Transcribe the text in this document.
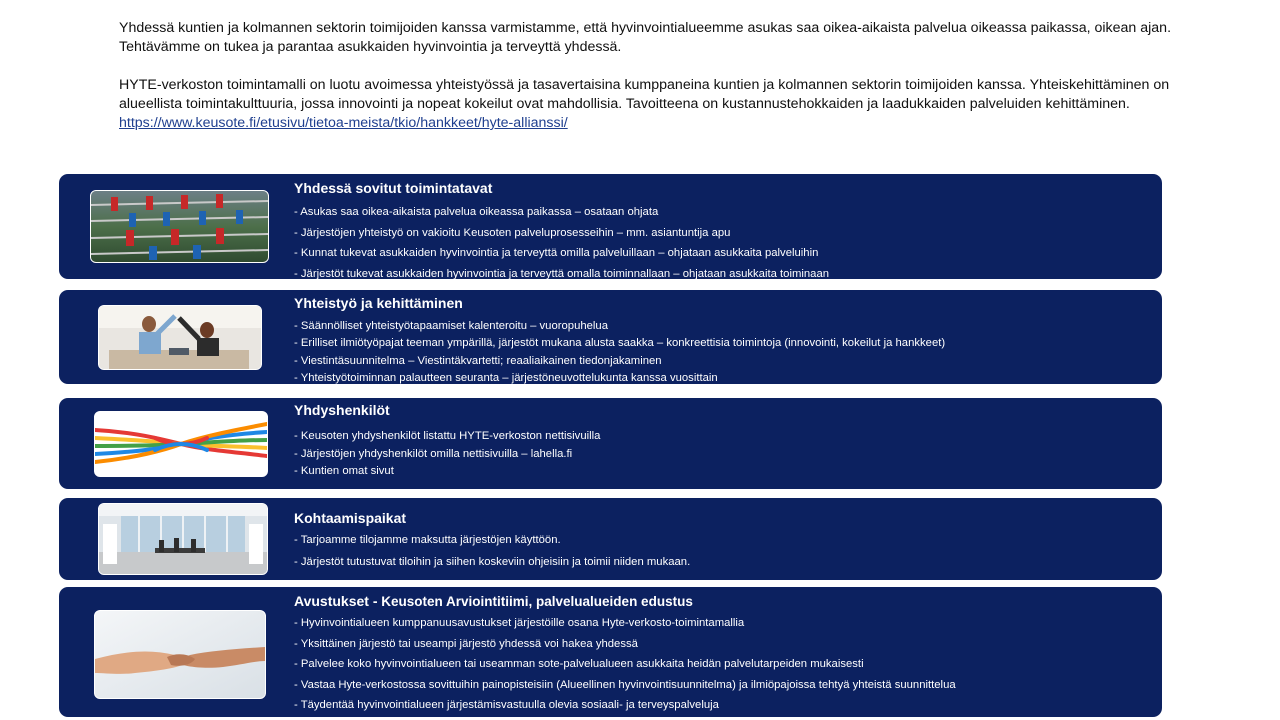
Yhdessä kuntien ja kolmannen sektorin toimijoiden kanssa varmistamme, että hyvinvointialueemme asukas saa oikea-aikaista palvelua oikeassa paikassa, oikean ajan. Tehtävämme on tukea ja parantaa asukkaiden hyvinvointia ja terveyttä yhdessä.

HYTE-verkoston toimintamalli on luotu avoimessa yhteistyössä ja tasavertaisina kumppaneina kuntien ja kolmannen sektorin toimijoiden kanssa. Yhteiskehittäminen on alueellista toimintakulttuuria, jossa innovointi ja nopeat kokeilut ovat mahdollisia. Tavoitteena on kustannustehokkaiden ja laadukkaiden palveluiden kehittäminen.
https://www.keusote.fi/etusivu/tietoa-meista/tkio/hankkeet/hyte-allianssi/

Yhdessä sovitut toimintatavat
- Asukas saa oikea-aikaista palvelua oikeassa paikassa – osataan ohjata
- Järjestöjen yhteistyö on vakioitu Keusoten palveluprosesseihin – mm. asiantuntija apu
- Kunnat tukevat asukkaiden hyvinvointia ja terveyttä omilla palveluillaan – ohjataan asukkaita palveluihin
- Järjestöt tukevat asukkaiden hyvinvointia ja terveyttä omalla toiminnallaan – ohjataan asukkaita toiminaan
Yhteistyö ja kehittäminen
- Säännölliset yhteistyötapaamiset kalenteroitu – vuoropuhelua
- Erilliset ilmiötyöpajat teeman ympärillä, järjestöt mukana alusta saakka – konkreettisia toimintoja (innovointi, kokeilut ja hankkeet)
- Viestintäsuunnitelma – Viestintäkvartetti; reaaliaikainen tiedonjakaminen
- Yhteistyötoiminnan palautteen seuranta – järjestöneuvottelukunta kanssa vuosittain
Yhdyshenkilöt
- Keusoten yhdyshenkilöt listattu HYTE-verkoston nettisivuilla
- Järjestöjen yhdyshenkilöt omilla nettisivuilla – lahella.fi
- Kuntien omat sivut
Kohtaamispaikat
- Tarjoamme tilojamme maksutta järjestöjen käyttöön.
- Järjestöt tutustuvat tiloihin ja siihen koskeviin ohjeisiin ja toimii niiden mukaan.
Avustukset - Keusoten Arviointitiimi, palvelualueiden edustus
- Hyvinvointialueen kumppanuusavustukset järjestöille osana Hyte-verkosto-toimintamallia
- Yksittäinen järjestö tai useampi järjestö yhdessä voi hakea yhdessä
- Palvelee koko hyvinvointialueen tai useamman sote-palvelualueen asukkaita heidän palvelutarpeiden mukaisesti
- Vastaa Hyte-verkostossa sovittuihin painopisteisiin (Alueellinen hyvinvointisuunnitelma) ja ilmiöpajoissa tehtyä yhteistä suunnittelua
- Täydentää hyvinvointialueen järjestämisvastuulla olevia sosiaali- ja terveyspalveluja
